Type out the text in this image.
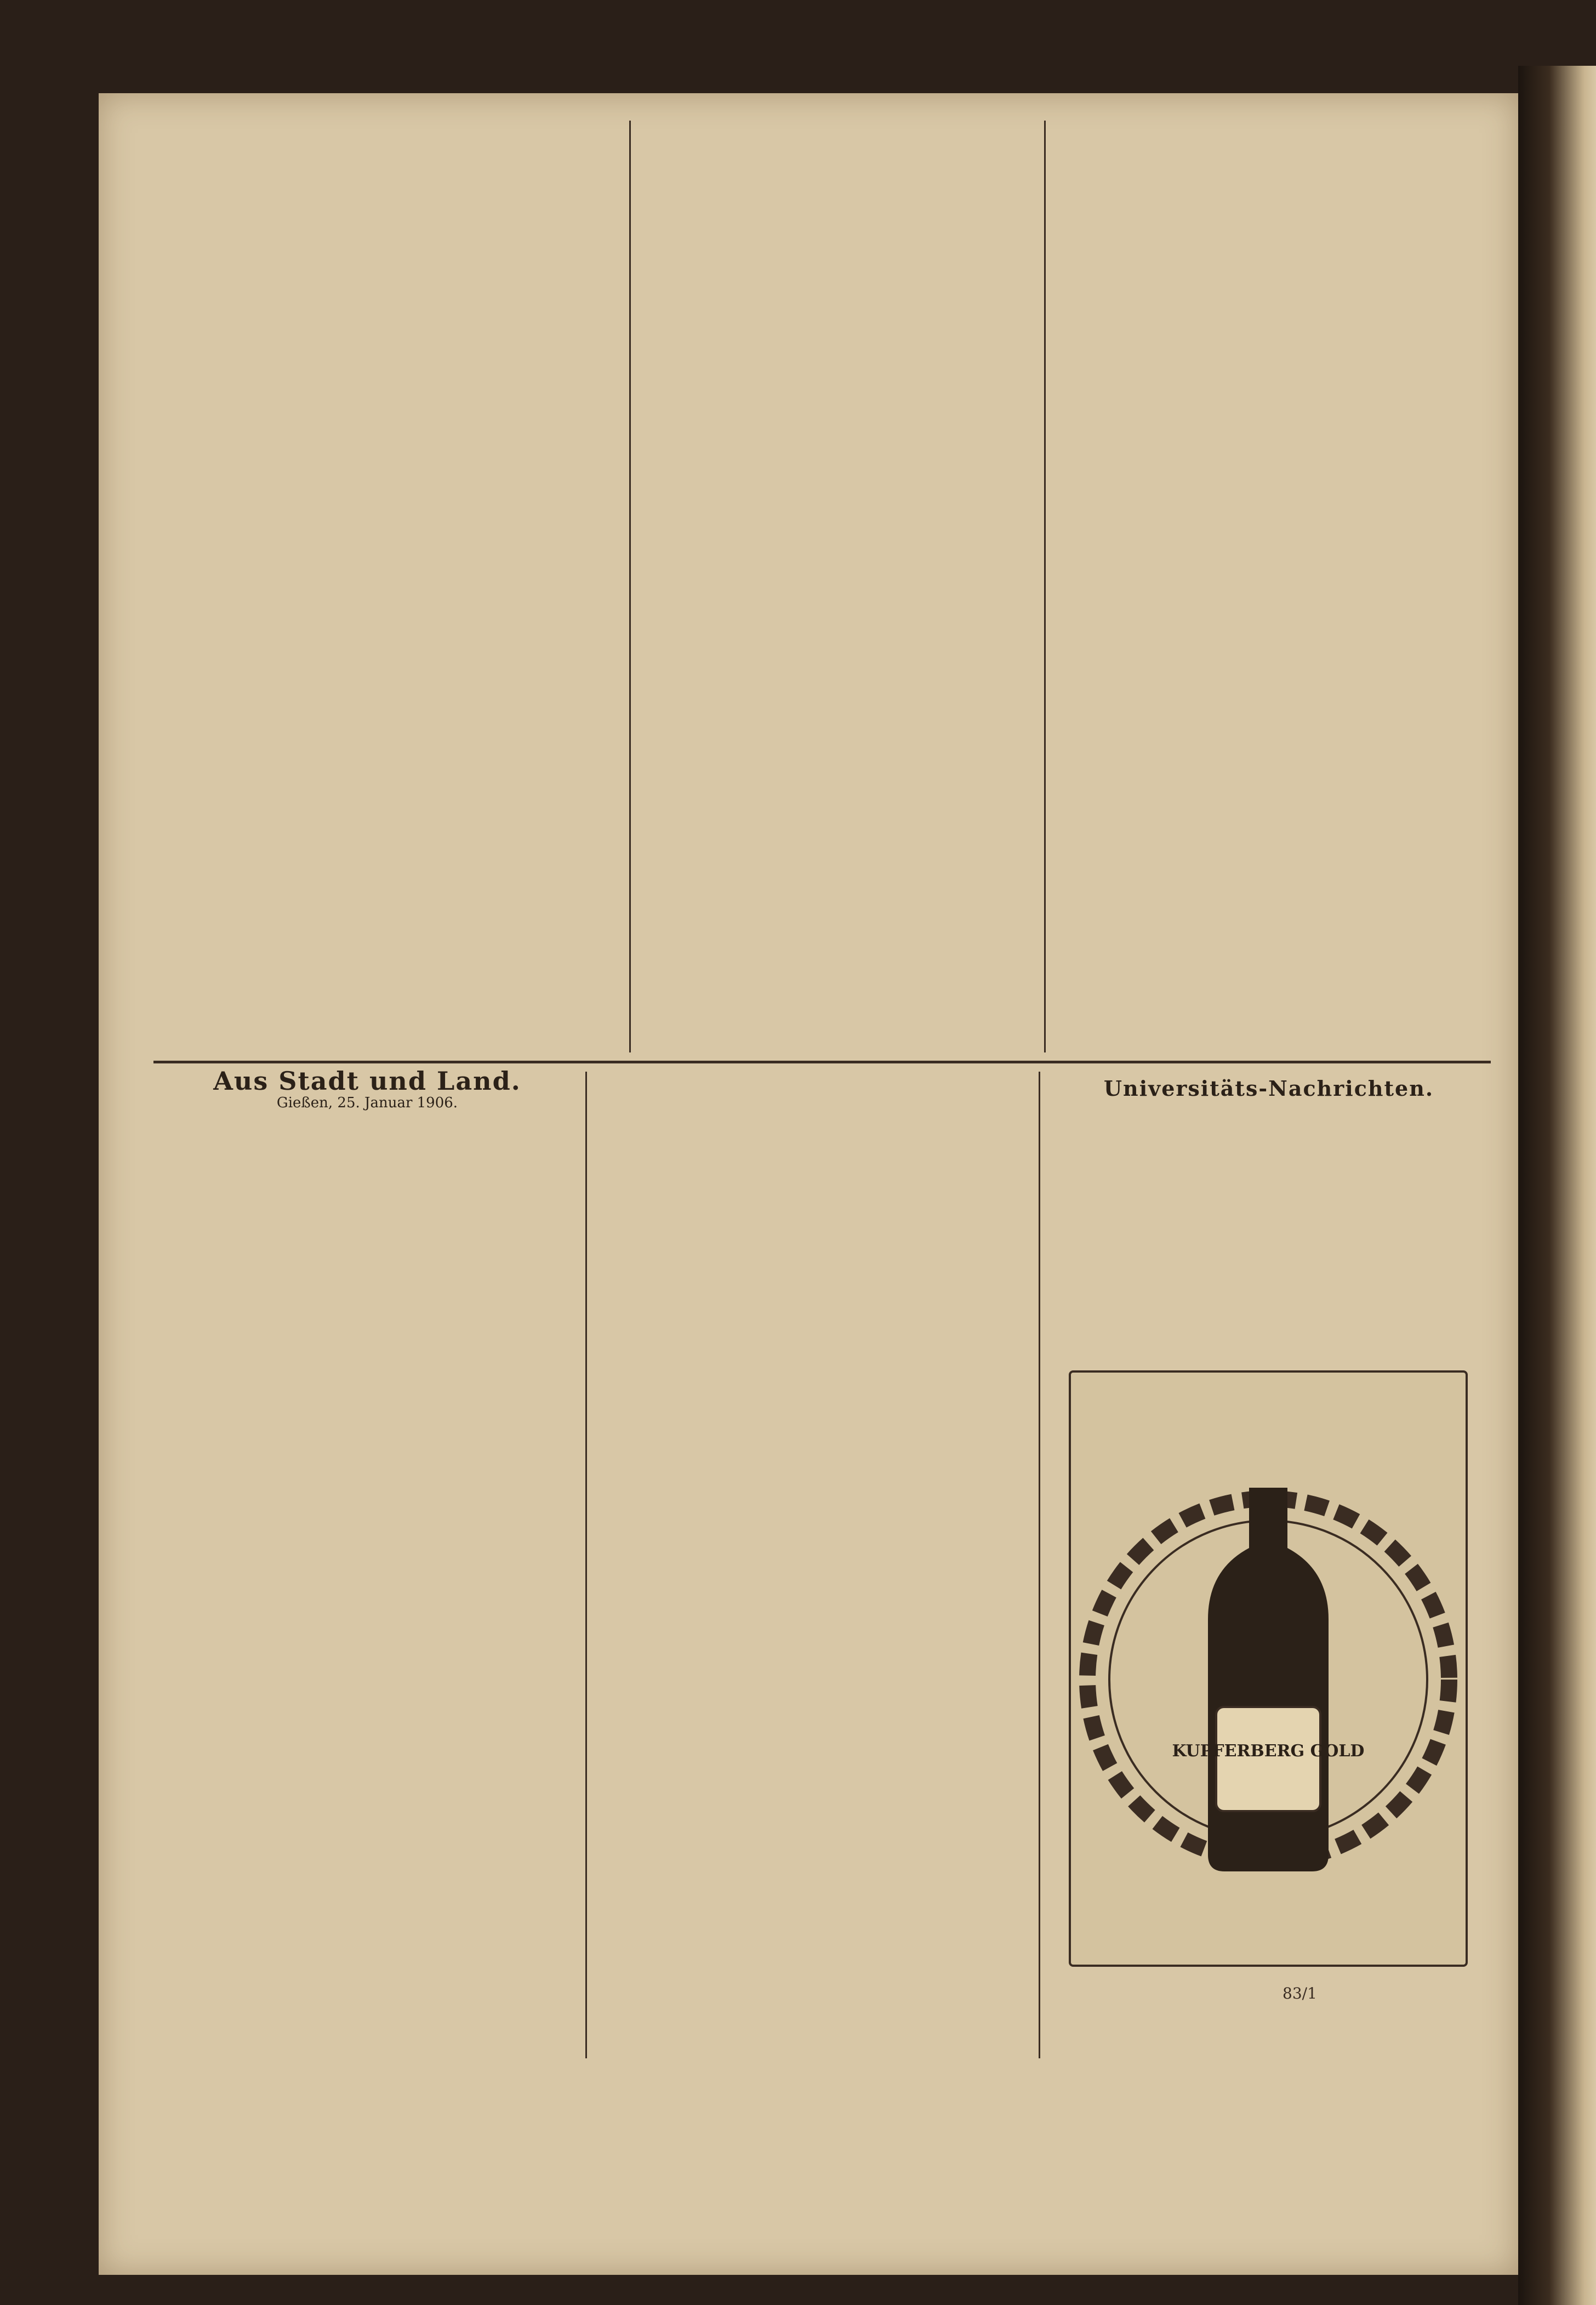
Aus Stadt und Land.
Gießen, 25. Januar 1906.
Universitäts-Nachrichten.
KUPFERBERG GOLD
83/1
